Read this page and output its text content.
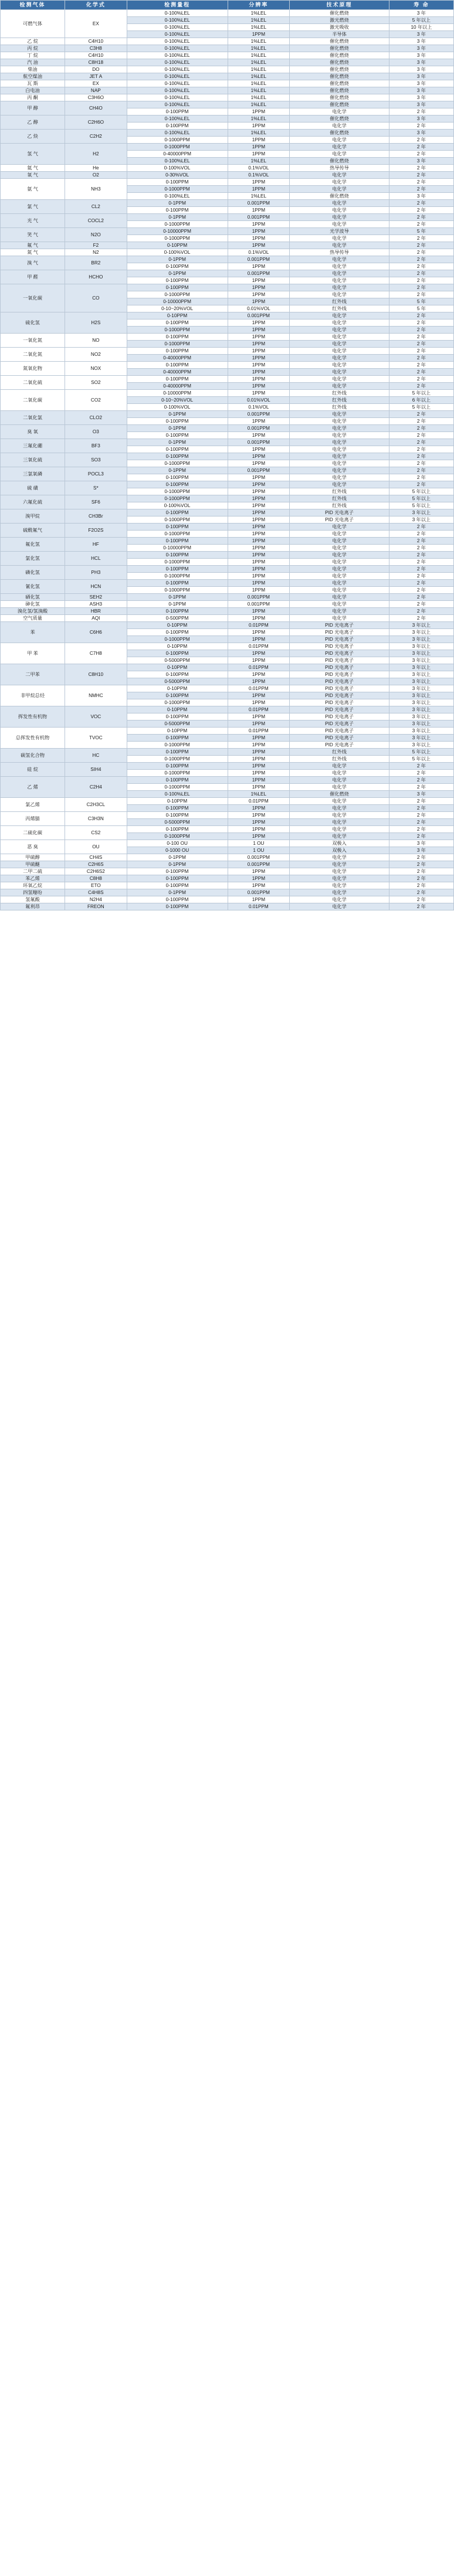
检测气体	化学式	检测量程	分辨率	技术原理	寿 命
可燃气体	EX	0-100%LEL	1%LEL	催化燃烧	3 年
		0-100%LEL	1%LEL	激光燃烧	5 年以上
		0-100%LEL	1%LEL	激光吸收	10 年以上
		0-100%LEL	1PPM	半导体	3 年
乙 烷	C4H10	0-100%LEL	1%LEL	催化燃烧	3 年
丙 烷	C3H8	0-100%LEL	1%LEL	催化燃烧	3 年
丁 烷	C4H10	0-100%LEL	1%LEL	催化燃烧	3 年
汽 油	C8H18	0-100%LEL	1%LEL	催化燃烧	3 年
柴油	DO	0-100%LEL	1%LEL	催化燃烧	3 年
航空煤油	JET A	0-100%LEL	1%LEL	催化燃烧	3 年
瓦 斯	EX	0-100%LEL	1%LEL	催化燃烧	3 年
白电油	NAP	0-100%LEL	1%LEL	催化燃烧	3 年
丙 酮	C3H6O	0-100%LEL	1%LEL	催化燃烧	3 年
甲 醇	CH4O	0-100%LEL	1%LEL	催化燃烧	3 年
		0-100PPM	1PPM	电化学	2 年
乙 醇	C2H6O	0-100%LEL	1%LEL	催化燃烧	3 年
		0-100PPM	1PPM	电化学	2 年
乙 炔	C2H2	0-100%LEL	1%LEL	催化燃烧	3 年
		0-1000PPM	1PPM	电化学	2 年
氢 气	H2	0-1000PPM	1PPM	电化学	2 年
		0-40000PPM	1PPM	电化学	2 年
		0-100%LEL	1%LEL	催化燃烧	3 年
氦 气	He	0-100%VOL	0.1%VOL	热导传导	2 年
氧 气	O2	0-30%VOL	0.1%VOL	电化学	2 年
氨 气	NH3	0-100PPM	1PPM	电化学	2 年
		0-1000PPM	1PPM	电化学	2 年
		0-100%LEL	1%LEL	催化燃烧	3 年
氯 气	CL2	0-1PPM	0.001PPM	电化学	2 年
		0-100PPM	1PPM	电化学	2 年
光 气	COCL2	0-1PPM	0.001PPM	电化学	2 年
		0-1000PPM	1PPM	电化学	2 年
笑 气	N2O	0-10000PPM	1PPM	光学波导	5 年
		0-1000PPM	1PPM	电化学	2 年
氟 气	F2	0-10PPM	1PPM	电化学	2 年
氮 气	N2	0-100%VOL	0.1%VOL	热导传导	2 年
溴 气	BR2	0-1PPM	0.001PPM	电化学	2 年
		0-100PPM	1PPM	电化学	2 年
甲 醛	HCHO	0-1PPM	0.001PPM	电化学	2 年
		0-100PPM	1PPM	电化学	2 年
一氧化碳	CO	0-100PPM	1PPM	电化学	2 年
		0-1000PPM	1PPM	电化学	2 年
		0-10000PPM	1PPM	红外线	5 年
		0-10~20%VOL	0.01%VOL	红外线	5 年
硫化氢	H2S	0-10PPM	0.001PPM	电化学	2 年
		0-100PPM	1PPM	电化学	2 年
		0-1000PPM	1PPM	电化学	2 年
一氧化氮	NO	0-100PPM	1PPM	电化学	2 年
		0-1000PPM	1PPM	电化学	2 年
二氧化氮	NO2	0-100PPM	1PPM	电化学	2 年
		0-40000PPM	1PPM	电化学	2 年
氮氧化物	NOX	0-100PPM	1PPM	电化学	2 年
		0-40000PPM	1PPM	电化学	2 年
二氧化硫	SO2	0-100PPM	1PPM	电化学	2 年
		0-40000PPM	1PPM	电化学	2 年
二氧化碳	CO2	0-10000PPM	1PPM	红外线	5 年以上
		0-10~20%VOL	0.01%VOL	红外线	6 年以上
		0-100%VOL	0.1%VOL	红外线	5 年以上
二氧化氯	CLO2	0-1PPM	0.001PPM	电化学	2 年
		0-100PPM	1PPM	电化学	2 年
臭 氧	O3	0-1PPM	0.001PPM	电化学	2 年
		0-100PPM	1PPM	电化学	2 年
三氟化硼	BF3	0-1PPM	0.001PPM	电化学	2 年
		0-100PPM	1PPM	电化学	2 年
三氧化硫	SO3	0-100PPM	1PPM	电化学	2 年
		0-1000PPM	1PPM	电化学	2 年
三氯氧磷	POCL3	0-1PPM	0.001PPM	电化学	2 年
		0-100PPM	1PPM	电化学	2 年
硫 磺	S*	0-100PPM	1PPM	电化学	2 年
		0-1000PPM	1PPM	红外线	5 年以上
六氟化硫	SF6	0-1000PPM	1PPM	红外线	5 年以上
		0-100%VOL	1PPM	红外线	5 年以上
溴甲烷	CH3Br	0-100PPM	1PPM	PID 光电离子	3 年以上
		0-1000PPM	1PPM	PID 光电离子	3 年以上
硫酰氟气	F2O2S	0-100PPM	1PPM	电化学	2 年
		0-1000PPM	1PPM	电化学	2 年
氟化氢	HF	0-100PPM	1PPM	电化学	2 年
		0-10000PPM	1PPM	电化学	2 年
氯化氢	HCL	0-100PPM	1PPM	电化学	2 年
		0-1000PPM	1PPM	电化学	2 年
磷化氢	PH3	0-100PPM	1PPM	电化学	2 年
		0-1000PPM	1PPM	电化学	2 年
氰化氢	HCN	0-100PPM	1PPM	电化学	2 年
		0-1000PPM	1PPM	电化学	2 年
硒化氢	SEH2	0-1PPM	0.001PPM	电化学	2 年
砷化氢	ASH3	0-1PPM	0.001PPM	电化学	2 年
溴化氢/氢溴酸	HBR	0-100PPM	1PPM	电化学	2 年
空气质量	AQI	0-500PPM	1PPM	电化学	2 年
苯	C6H6	0-10PPM	0.01PPM	PID 光电离子	3 年以上
		0-100PPM	1PPM	PID 光电离子	3 年以上
		0-1000PPM	1PPM	PID 光电离子	3 年以上
甲 苯	C7H8	0-10PPM	0.01PPM	PID 光电离子	3 年以上
		0-100PPM	1PPM	PID 光电离子	3 年以上
		0-5000PPM	1PPM	PID 光电离子	3 年以上
二甲苯	C8H10	0-10PPM	0.01PPM	PID 光电离子	3 年以上
		0-100PPM	1PPM	PID 光电离子	3 年以上
		0-5000PPM	1PPM	PID 光电离子	3 年以上
非甲烷总烃	NMHC	0-10PPM	0.01PPM	PID 光电离子	3 年以上
		0-100PPM	1PPM	PID 光电离子	3 年以上
		0-1000PPM	1PPM	PID 光电离子	3 年以上
挥发性有机物	VOC	0-10PPM	0.01PPM	PID 光电离子	3 年以上
		0-100PPM	1PPM	PID 光电离子	3 年以上
		0-5000PPM	1PPM	PID 光电离子	3 年以上
总挥发性有机物	TVOC	0-10PPM	0.01PPM	PID 光电离子	3 年以上
		0-100PPM	1PPM	PID 光电离子	3 年以上
		0-1000PPM	1PPM	PID 光电离子	3 年以上
碳氢化合物	HC	0-100PPM	1PPM	红外线	5 年以上
		0-1000PPM	1PPM	红外线	5 年以上
硅 烷	SIH4	0-100PPM	1PPM	电化学	2 年
		0-1000PPM	1PPM	电化学	2 年
乙 烯	C2H4	0-100PPM	1PPM	电化学	2 年
		0-1000PPM	1PPM	电化学	2 年
		0-100%LEL	1%LEL	催化燃烧	3 年
氯乙烯	C2H3CL	0-10PPM	0.01PPM	电化学	2 年
		0-100PPM	1PPM	电化学	2 年
丙烯腈	C3H3N	0-100PPM	1PPM	电化学	2 年
		0-5000PPM	1PPM	电化学	2 年
二硫化碳	CS2	0-100PPM	1PPM	电化学	2 年
		0-1000PPM	1PPM	电化学	2 年
恶 臭	OU	0-100 OU	1 OU	双极入	3 年
		0-1000 OU	1 OU	双极入	3 年
甲硫醇	CH4S	0-1PPM	0.001PPM	电化学	2 年
甲硫醚	C2H6S	0-1PPM	0.001PPM	电化学	2 年
二甲二硫	C2H6S2	0-100PPM	1PPM	电化学	2 年
苯乙烯	C8H8	0-100PPM	1PPM	电化学	2 年
环氧乙烷	ETO	0-100PPM	1PPM	电化学	2 年
四氢噻吩	C4H8S	0-1PPM	0.001PPM	电化学	2 年
氢氟酸	N2H4	0-100PPM	1PPM	电化学	2 年
氟利昂	FREON	0-100PPM	0.01PPM	电化学	2 年
